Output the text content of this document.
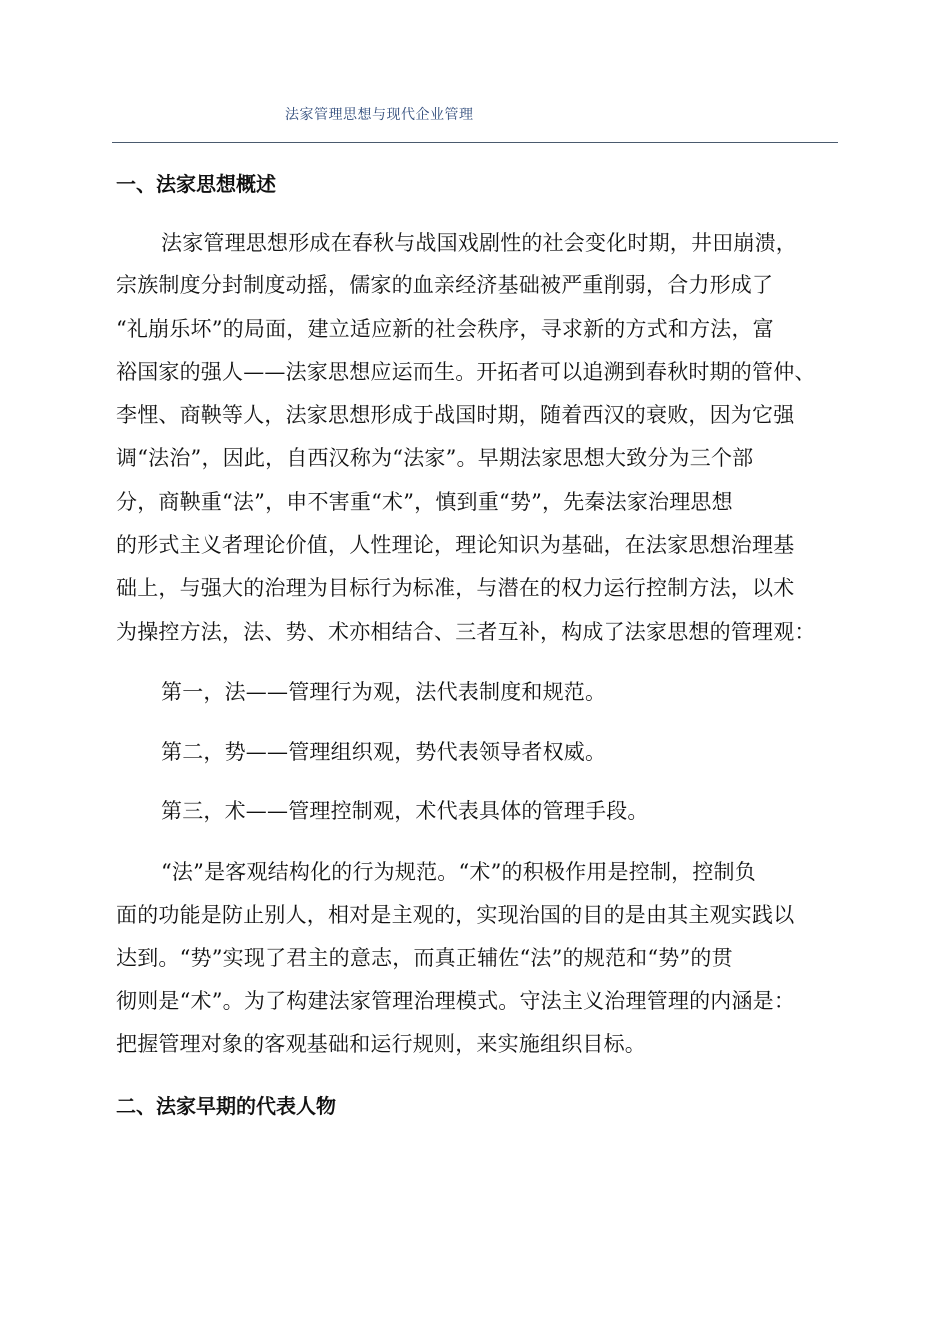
法家管理思想与现代企业管理
一、法家思想概述
法家管理思想形成在春秋与战国戏剧性的社会变化时期，井田崩溃，
宗族制度分封制度动摇，儒家的血亲经济基础被严重削弱，合力形成了
“礼崩乐坏”的局面，建立适应新的社会秩序，寻求新的方式和方法，富
裕国家的强人——法家思想应运而生。开拓者可以追溯到春秋时期的管仲、
李悝、商鞅等人，法家思想形成于战国时期，随着西汉的衰败，因为它强
调“法治”，因此，自西汉称为“法家”。早期法家思想大致分为三个部
分，商鞅重“法”，申不害重“术”，慎到重“势”，先秦法家治理思想
的形式主义者理论价值，人性理论，理论知识为基础，在法家思想治理基
础上，与强大的治理为目标行为标准，与潜在的权力运行控制方法，以术
为操控方法，法、势、术亦相结合、三者互补，构成了法家思想的管理观：
第一，法——管理行为观，法代表制度和规范。
第二，势——管理组织观，势代表领导者权威。
第三，术——管理控制观，术代表具体的管理手段。
“法”是客观结构化的行为规范。“术”的积极作用是控制，控制负
面的功能是防止别人，相对是主观的，实现治国的目的是由其主观实践以
达到。“势”实现了君主的意志，而真正辅佐“法”的规范和“势”的贯
彻则是“术”。为了构建法家管理治理模式。守法主义治理管理的内涵是：
把握管理对象的客观基础和运行规则，来实施组织目标。
二、法家早期的代表人物
